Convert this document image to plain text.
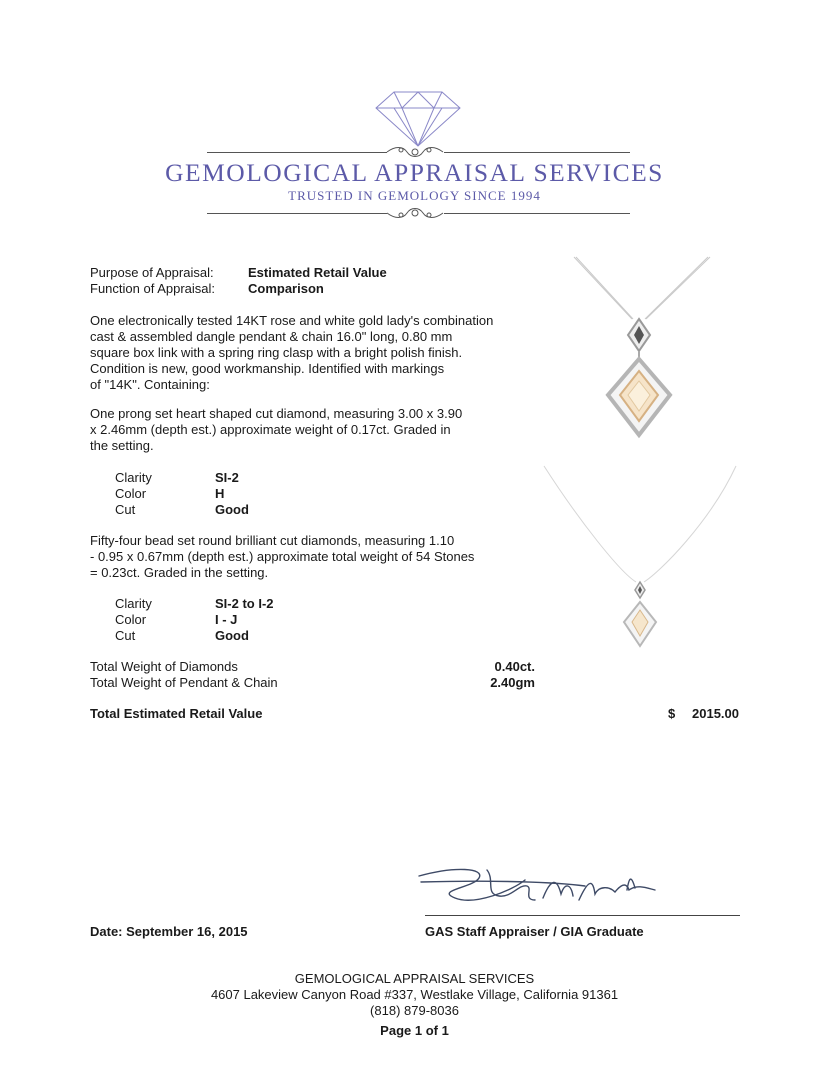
GEMOLOGICAL APPRAISAL SERVICES
TRUSTED IN GEMOLOGY SINCE 1994
Purpose of Appraisal:	Estimated Retail Value
Function of Appraisal:	Comparison
One electronically tested 14KT rose and white gold lady's combination
cast & assembled dangle pendant & chain 16.0" long, 0.80 mm
square box link with a spring ring clasp with a bright polish finish.
Condition is new, good workmanship. Identified with markings
of "14K". Containing:
One prong set heart shaped cut diamond, measuring 3.00 x 3.90
x 2.46mm (depth est.) approximate weight of 0.17ct. Graded in
the setting.
Clarity	SI-2
Color	H
Cut	Good
Fifty-four bead set round brilliant cut diamonds, measuring 1.10
- 0.95 x 0.67mm (depth est.) approximate total weight of 54 Stones
= 0.23ct. Graded in the setting.
Clarity	SI-2 to I-2
Color	I - J
Cut	Good
Total Weight of Diamonds	0.40ct.
Total Weight of Pendant & Chain	2.40gm
Total Estimated Retail Value	$	2015.00
Date: September 16, 2015	GAS Staff Appraiser / GIA Graduate
GEMOLOGICAL APPRAISAL SERVICES
4607 Lakeview Canyon Road #337, Westlake Village, California 91361
(818) 879-8036
Page 1 of 1
